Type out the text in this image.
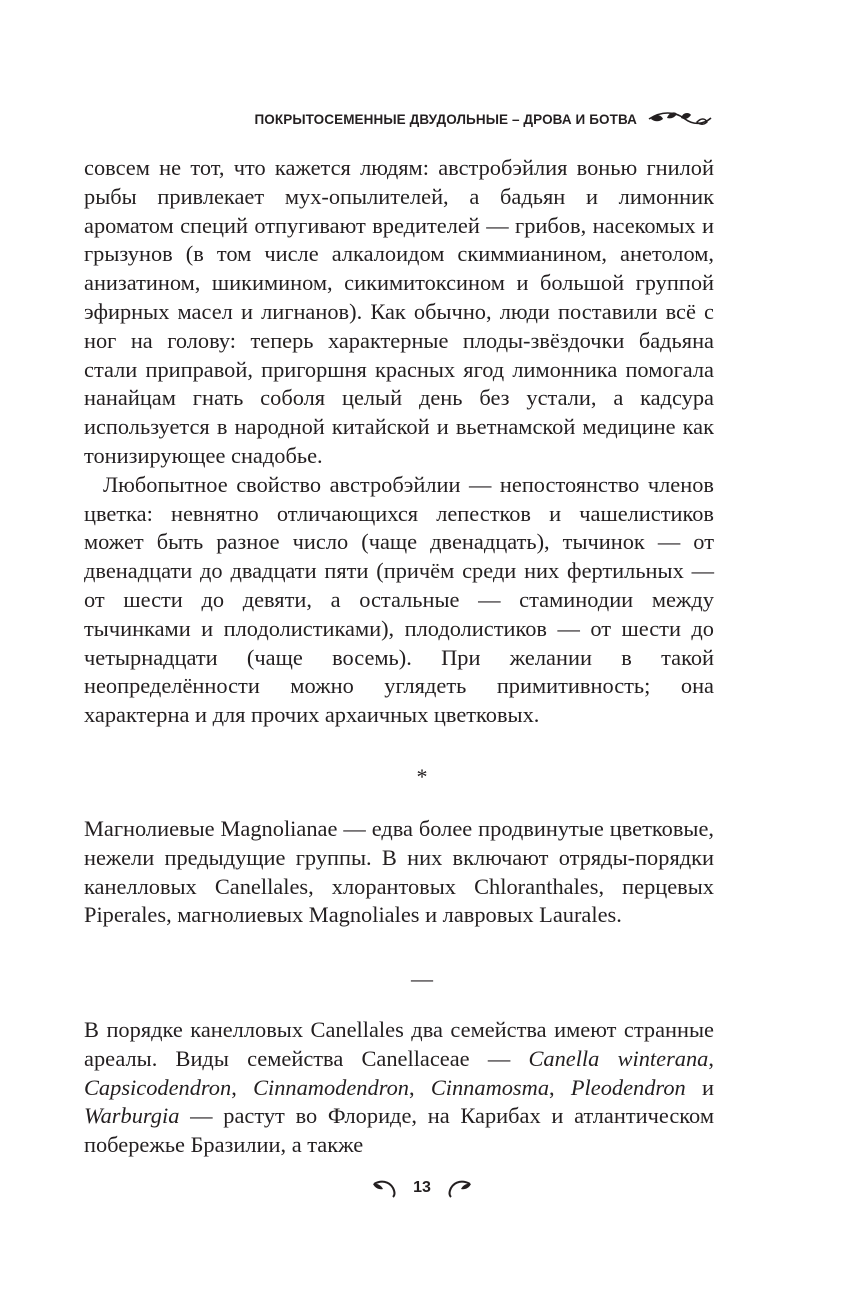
ПОКРЫТОСЕМЕННЫЕ ДВУДОЛЬНЫЕ – ДРОВА И БОТВА

совсем не тот, что кажется людям: австробэйлия вонью гнилой рыбы привлекает мух-опылителей, а бадьян и лимонник ароматом специй отпугивают вредителей — грибов, насекомых и грызунов (в том числе алкалоидом скиммианином, анетолом, анизатином, шикимином, сикимитоксином и большой группой эфирных масел и лигнанов). Как обычно, люди поставили всё с ног на голову: теперь характерные плоды-звёздочки бадьяна стали приправой, пригоршня красных ягод лимонника помогала нанайцам гнать соболя целый день без устали, а кадсура используется в народной китайской и вьетнамской медицине как тонизирующее снадобье.

Любопытное свойство австробэйлии — непостоянство членов цветка: невнятно отличающихся лепестков и чашелистиков может быть разное число (чаще двенадцать), тычинок — от двенадцати до двадцати пяти (причём среди них фертильных — от шести до девяти, а остальные — стаминодии между тычинками и плодолистиками), плодолистиков — от шести до четырнадцати (чаще восемь). При желании в такой неопределённости можно углядеть примитивность; она характерна и для прочих архаичных цветковых.

*

Магнолиевые Magnolianae — едва более продвинутые цветковые, нежели предыдущие группы. В них включают отряды-порядки канелловых Canellales, хлорантовых Chloranthales, перцевых Piperales, магнолиевых Magnoliales и лавровых Laurales.

—

В порядке канелловых Canellales два семейства имеют странные ареалы. Виды семейства Canellaceae — Canella winterana, Capsicodendron, Cinnamodendron, Cinnamosma, Pleodendron и Warburgia — растут во Флориде, на Карибах и атлантическом побережье Бразилии, а также

13
